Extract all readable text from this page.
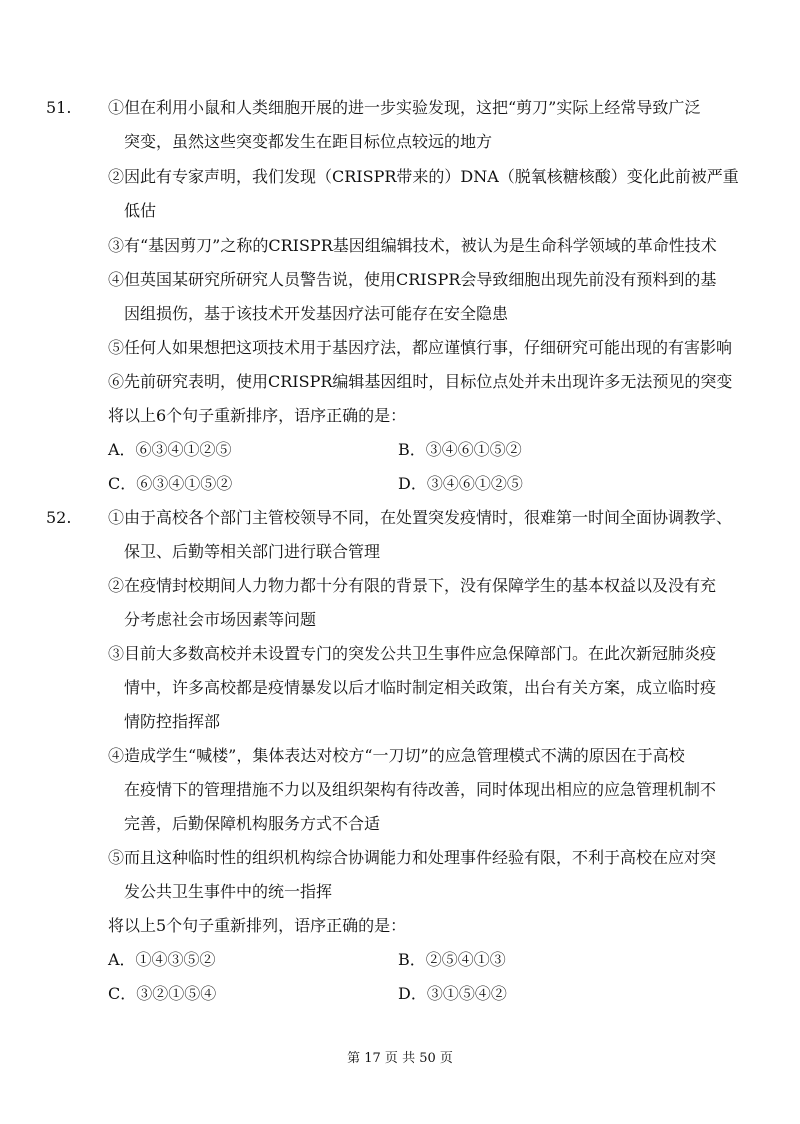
51. ①但在利用小鼠和人类细胞开展的进一步实验发现，这把“剪刀”实际上经常导致广泛
突变，虽然这些突变都发生在距目标位点较远的地方
②因此有专家声明，我们发现（CRISPR带来的）DNA（脱氧核糖核酸）变化此前被严重
低估
③有“基因剪刀”之称的CRISPR基因组编辑技术，被认为是生命科学领域的革命性技术
④但英国某研究所研究人员警告说，使用CRISPR会导致细胞出现先前没有预料到的基
因组损伤，基于该技术开发基因疗法可能存在安全隐患
⑤任何人如果想把这项技术用于基因疗法，都应谨慎行事，仔细研究可能出现的有害影响
⑥先前研究表明，使用CRISPR编辑基因组时，目标位点处并未出现许多无法预见的突变
将以上6个句子重新排序，语序正确的是：
A．⑥③④①②⑤	B．③④⑥①⑤②
C．⑥③④①⑤②	D．③④⑥①②⑤
52. ①由于高校各个部门主管校领导不同，在处置突发疫情时，很难第一时间全面协调教学、
保卫、后勤等相关部门进行联合管理
②在疫情封校期间人力物力都十分有限的背景下，没有保障学生的基本权益以及没有充
分考虑社会市场因素等问题
③目前大多数高校并未设置专门的突发公共卫生事件应急保障部门。在此次新冠肺炎疫
情中，许多高校都是疫情暴发以后才临时制定相关政策，出台有关方案，成立临时疫
情防控指挥部
④造成学生“喊楼”，集体表达对校方“一刀切”的应急管理模式不满的原因在于高校
在疫情下的管理措施不力以及组织架构有待改善，同时体现出相应的应急管理机制不
完善，后勤保障机构服务方式不合适
⑤而且这种临时性的组织机构综合协调能力和处理事件经验有限，不利于高校在应对突
发公共卫生事件中的统一指挥
将以上5个句子重新排列，语序正确的是：
A．①④③⑤②	B．②⑤④①③
C．③②①⑤④	D．③①⑤④②
第 17 页 共 50 页
